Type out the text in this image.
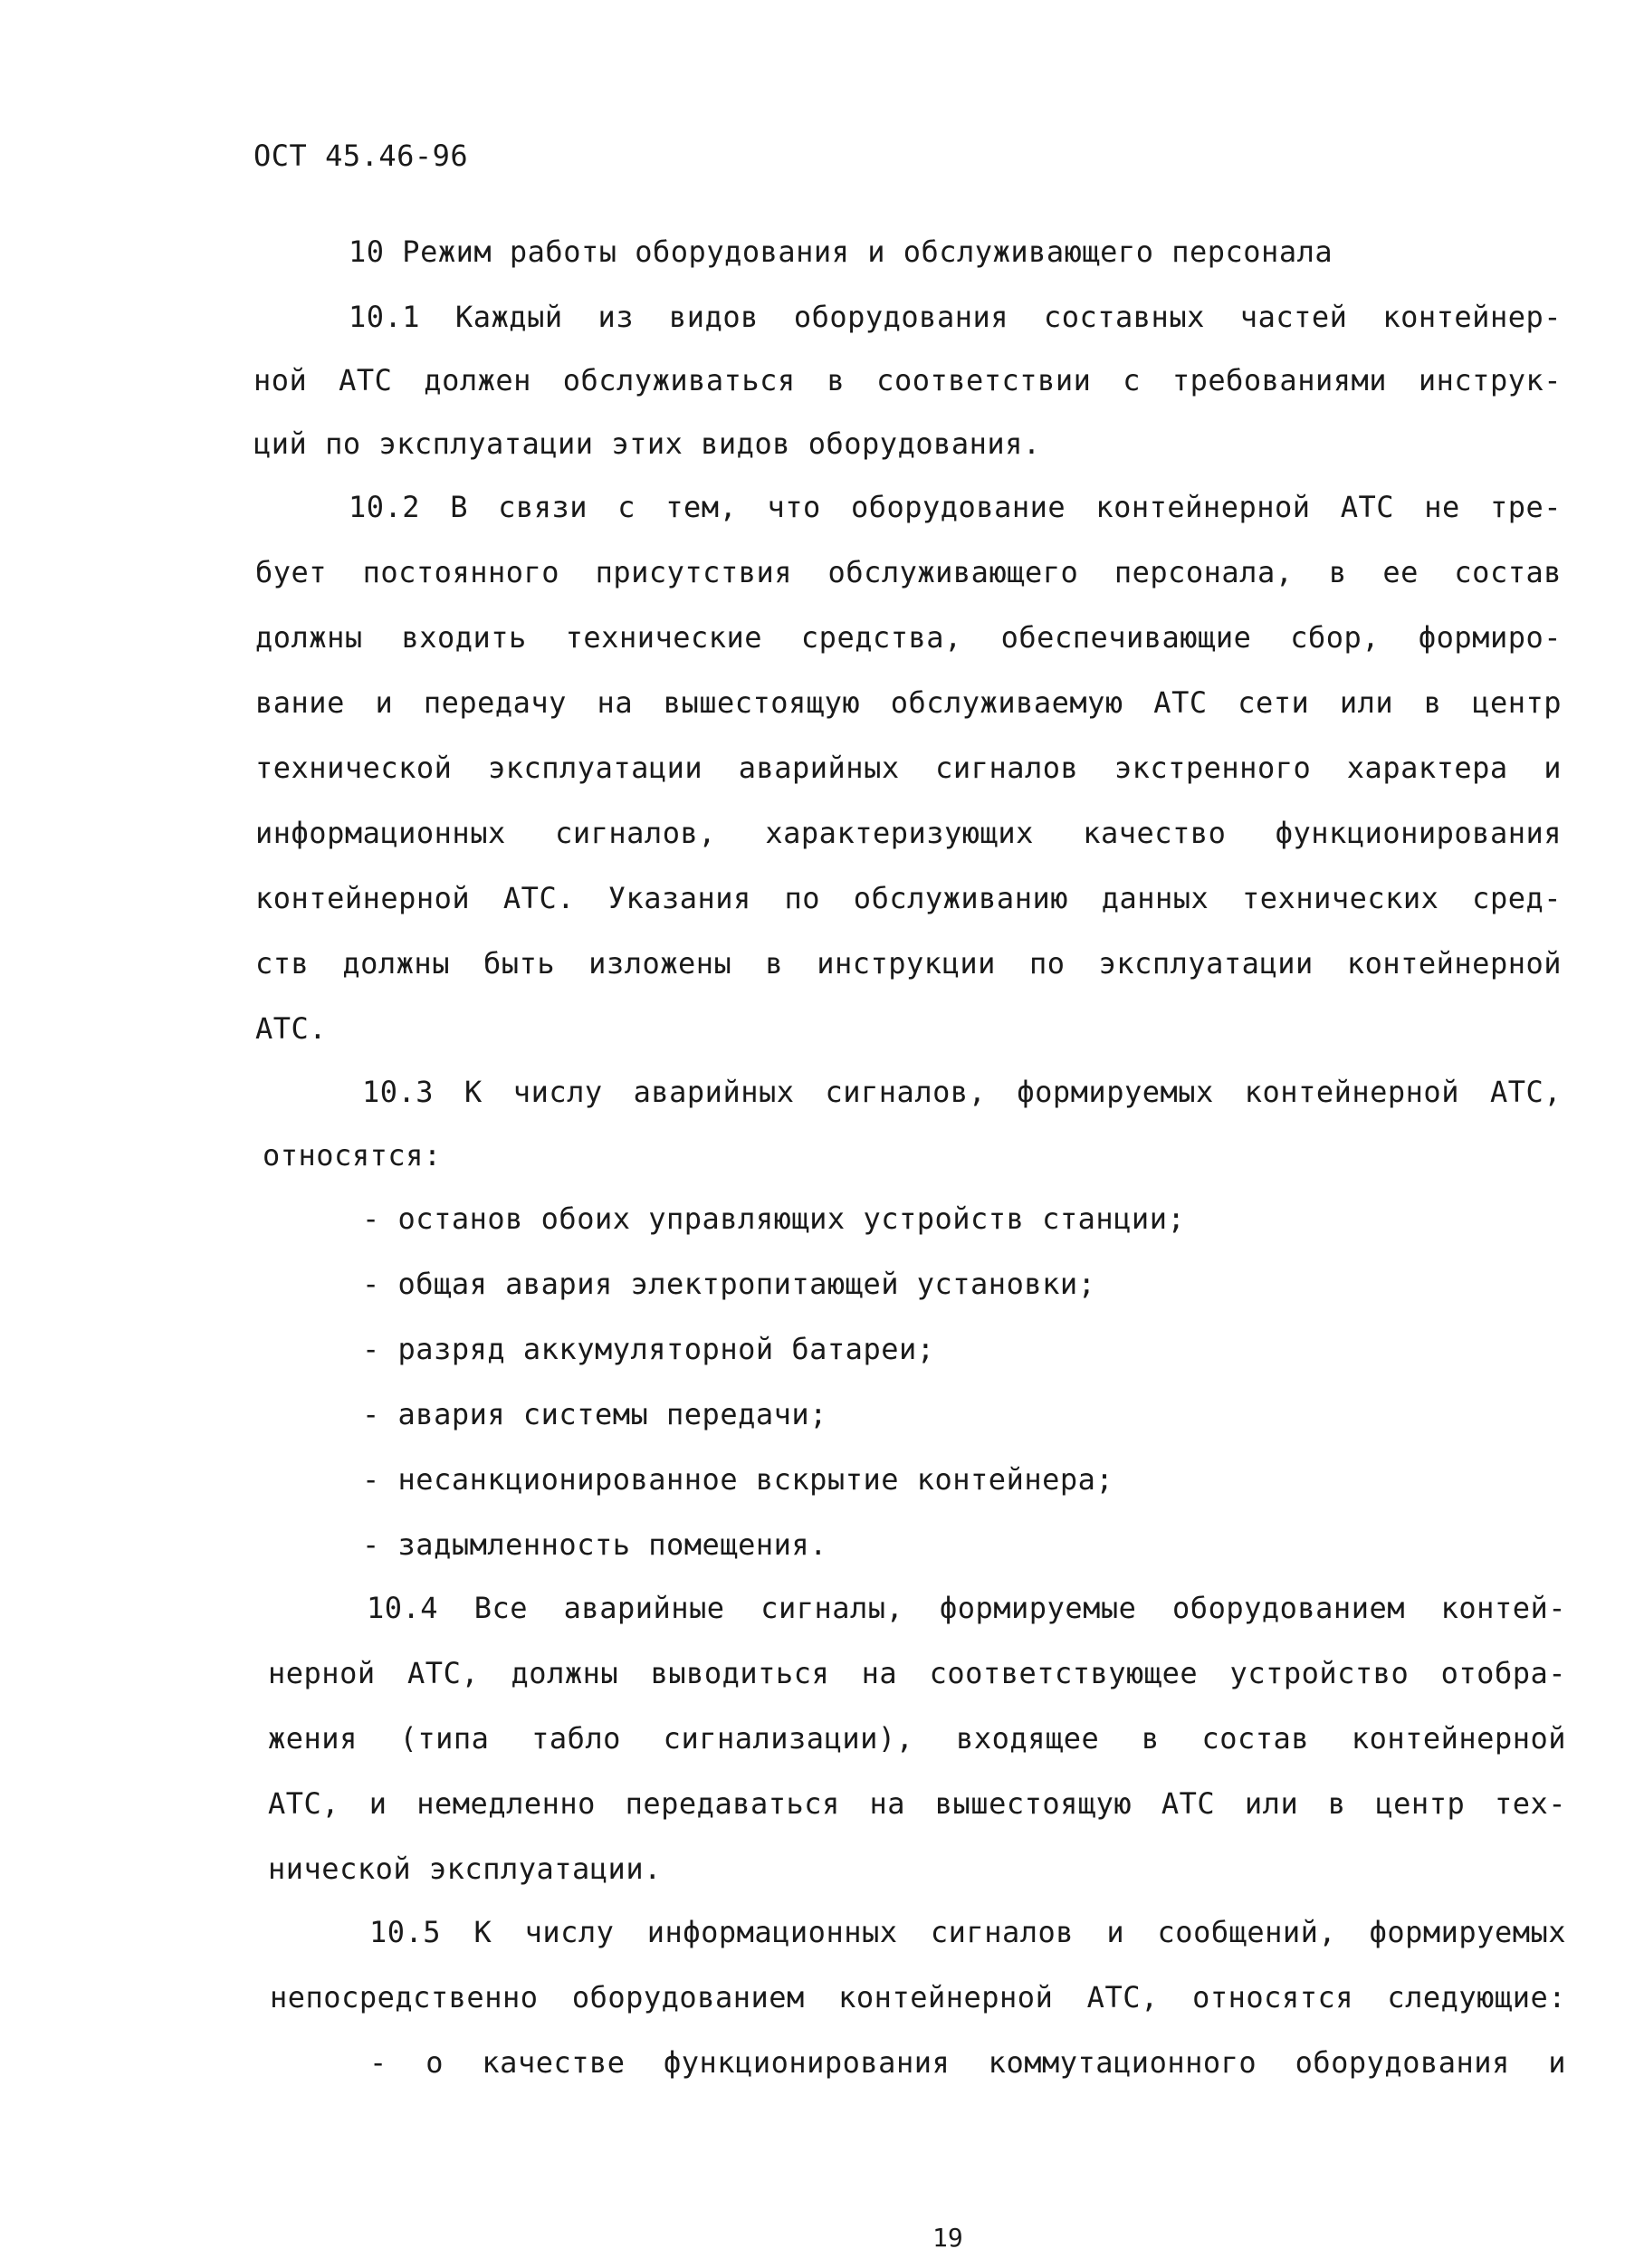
ОСТ 45.46-96
10 Режим работы оборудования и обслуживающего персонала
10.1 Каждый из видов оборудования составных частей контейнер-
ной АТС должен обслуживаться в соответствии с требованиями инструк-
ций по эксплуатации этих видов оборудования.
10.2 В связи с тем, что оборудование контейнерной АТС не тре-
бует постоянного присутствия обслуживающего персонала, в ее состав
должны входить технические средства, обеспечивающие сбор, формиро-
вание и передачу на вышестоящую обслуживаемую АТС сети или в центр
технической эксплуатации аварийных сигналов экстренного характера и
информационных сигналов, характеризующих качество функционирования
контейнерной АТС. Указания по обслуживанию данных технических сред-
ств должны быть изложены в инструкции по эксплуатации контейнерной
АТС.
10.3 К числу аварийных сигналов, формируемых контейнерной АТС,
относятся:
- останов обоих управляющих устройств станции;
- общая авария электропитающей установки;
- разряд аккумуляторной батареи;
- авария системы передачи;
- несанкционированное вскрытие контейнера;
- задымленность помещения.
10.4 Все аварийные сигналы, формируемые оборудованием контей-
нерной АТС, должны выводиться на соответствующее устройство отобра-
жения (типа табло сигнализации), входящее в состав контейнерной
АТС, и немедленно передаваться на вышестоящую АТС или в центр тех-
нической эксплуатации.
10.5 К числу информационных сигналов и сообщений, формируемых
непосредственно оборудованием контейнерной АТС, относятся следующие:
- о качестве функционирования коммутационного оборудования и
19
